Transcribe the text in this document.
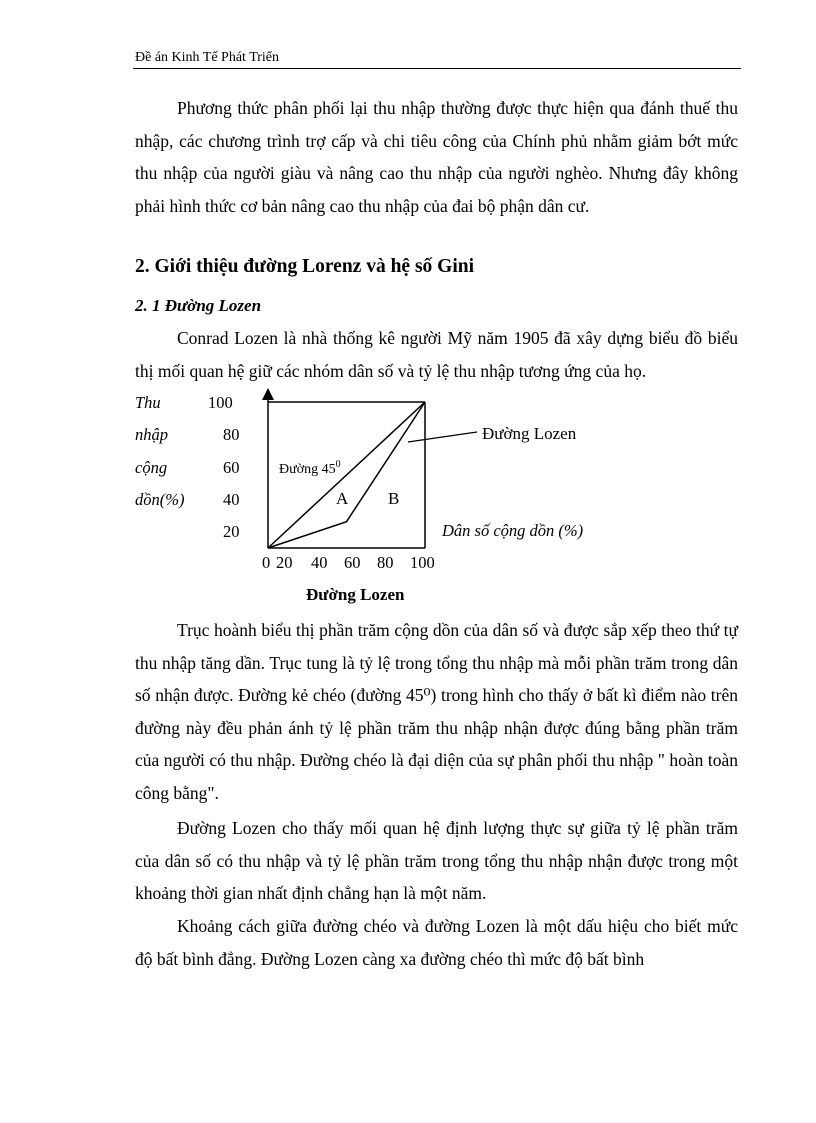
Đề án Kinh Tế Phát Triển

Phương thức phân phối lại thu nhập thường được thực hiện qua đánh thuế thu nhập, các chương trình trợ cấp và chi tiêu công của Chính phủ nhằm giảm bớt mức thu nhập của người giàu và nâng cao thu nhập của người nghèo. Nhưng đây không phải hình thức cơ bản nâng cao thu nhập của đai bộ phận dân cư.

2. Giới thiệu đường Lorenz và hệ số Gini
2. 1 Đường Lozen

Conrad Lozen là nhà thống kê người Mỹ năm 1905 đã xây dựng biểu đồ biểu thị mối quan hệ giữ các nhóm dân số và tỷ lệ thu nhập tương ứng của họ.

Thu
nhập
cộng
dồn(%)
100
80
60
40
20
Đường Lozen
Đường $45^0$
A B
Dân số cộng dồn (%)
0 20 40 60 80 100
Đường Lozen

Trục hoành biểu thị phần trăm cộng dồn của dân số và được sắp xếp theo thứ tự thu nhập tăng dần. Trục tung là tỷ lệ trong tổng thu nhập mà mỗi phần trăm trong dân số nhận được. Đường kẻ chéo (đường 45⁰) trong hình cho thấy ở bất kì điểm nào trên đường này đều phản ánh tỷ lệ phần trăm thu nhập nhận được đúng bằng phần trăm của người có thu nhập. Đường chéo là đại diện của sự phân phối thu nhập " hoàn toàn công bằng".

Đường Lozen cho thấy mối quan hệ định lượng thực sự giữa tỷ lệ phần trăm của dân số có thu nhập và tỷ lệ phần trăm trong tổng thu nhập nhận được trong một khoảng thời gian nhất định chẳng hạn là một năm.

Khoảng cách giữa đường chéo và đường Lozen là một dấu hiệu cho biết mức độ bất bình đẳng. Đường Lozen càng xa đường chéo thì mức độ bất bình
